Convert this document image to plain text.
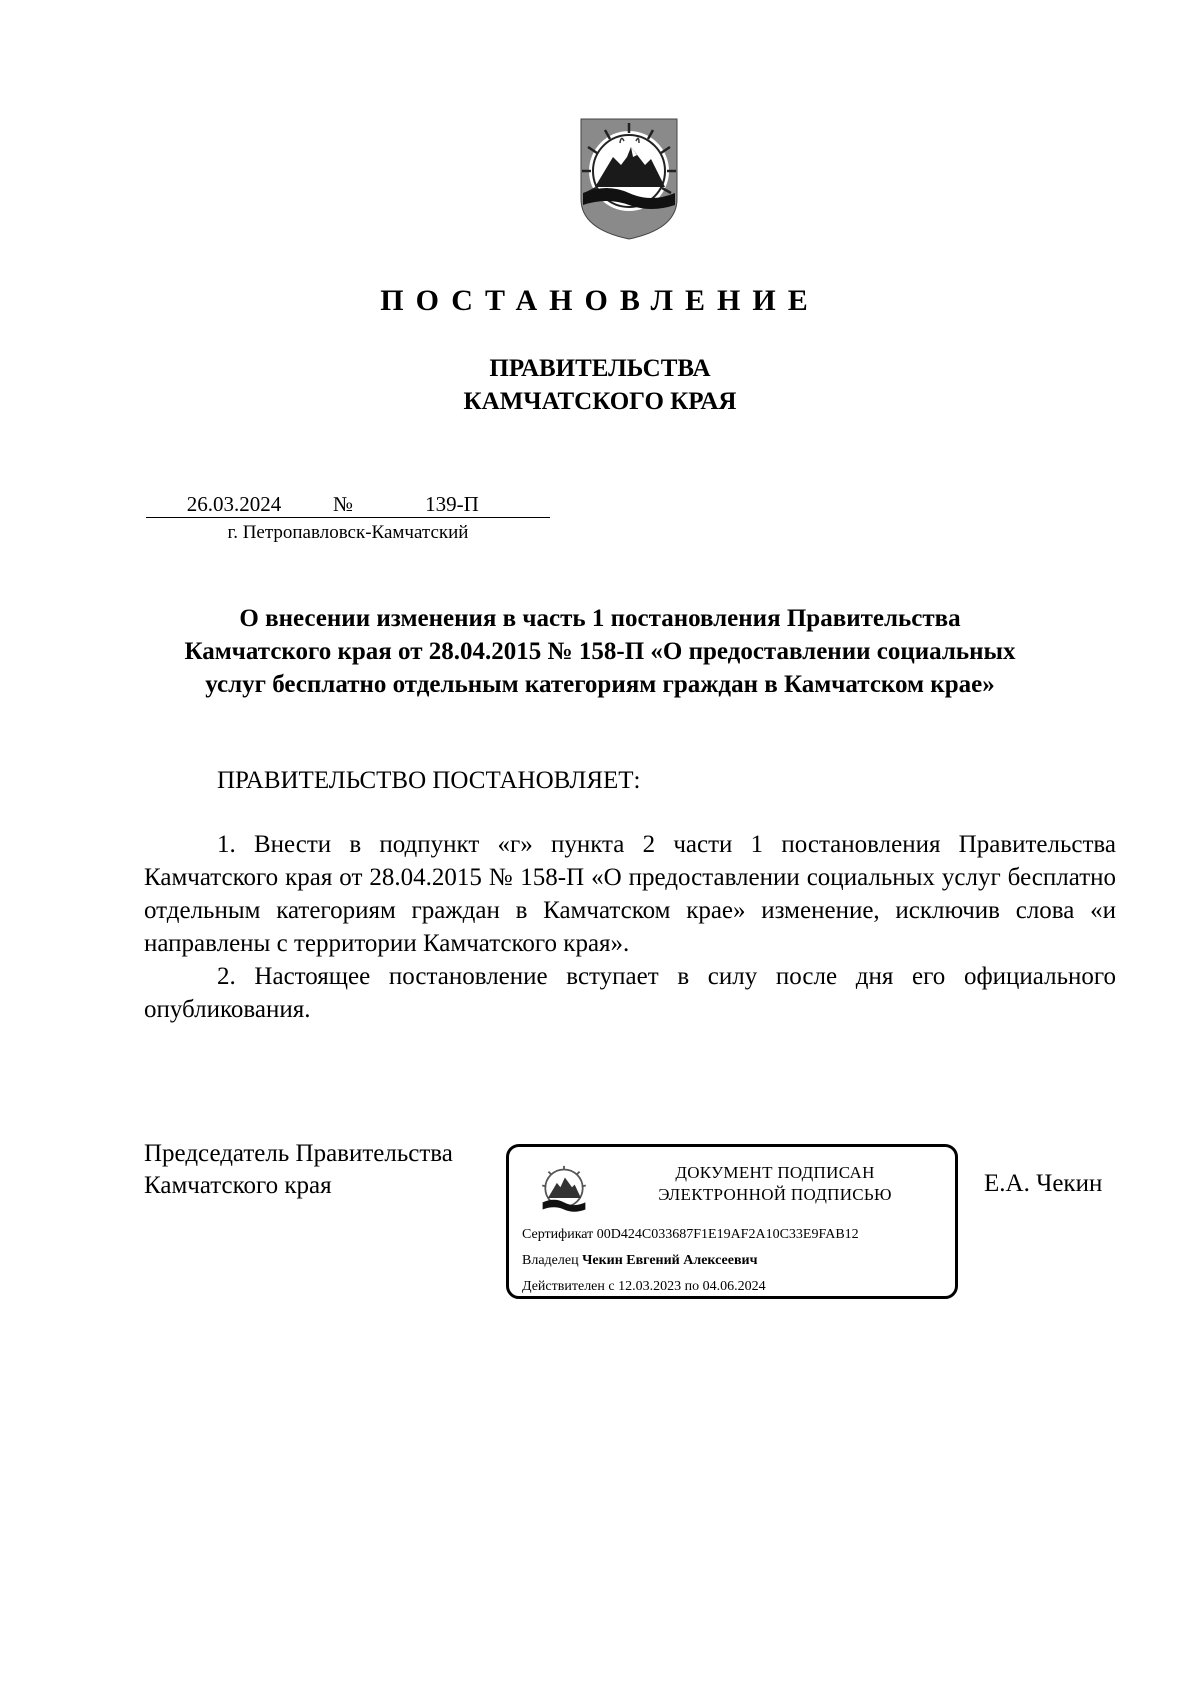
ПОСТАНОВЛЕНИЕ
ПРАВИТЕЛЬСТВА
КАМЧАТСКОГО КРАЯ
26.03.2024	№	139-П
г. Петропавловск-Камчатский
О внесении изменения в часть 1 постановления Правительства
Камчатского края от 28.04.2015 № 158-П «О предоставлении социальных
услуг бесплатно отдельным категориям граждан в Камчатском крае»
ПРАВИТЕЛЬСТВО ПОСТАНОВЛЯЕТ:

1. Внести в подпункт «г» пункта 2 части 1 постановления Правительства Камчатского края от 28.04.2015 № 158-П «О предоставлении социальных услуг бесплатно отдельным категориям граждан в Камчатском крае» изменение, исключив слова «и направлены с территории Камчатского края».

2. Настоящее постановление вступает в силу после дня его официального опубликования.

Председатель Правительства
Камчатского края	ДОКУМЕНТ ПОДПИСАН
ЭЛЕКТРОННОЙ ПОДПИСЬЮ
Сертификат 00D424C033687F1E19AF2A10C33E9FAB12
Владелец Чекин Евгений Алексеевич
Действителен с 12.03.2023 по 04.06.2024
Е.А. Чекин
